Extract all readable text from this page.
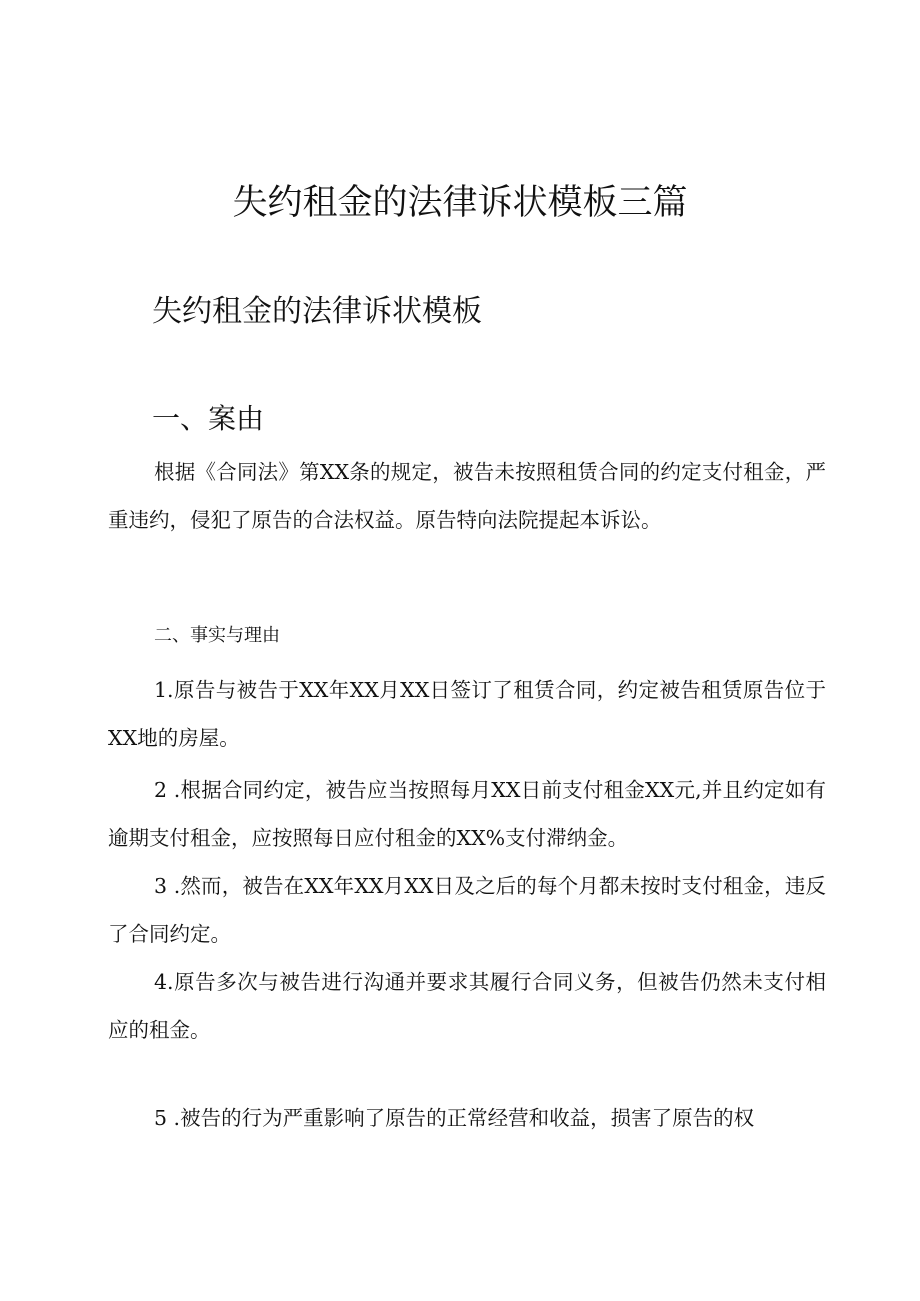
失约租金的法律诉状模板三篇
失约租金的法律诉状模板
一、案由

根据《合同法》第XX条的规定，被告未按照租赁合同的约定支付租金，严重违约，侵犯了原告的合法权益。原告特向法院提起本诉讼。

二、事实与理由

1.原告与被告于XX年XX月XX日签订了租赁合同，约定被告租赁原告位于XX地的房屋。

2 .根据合同约定，被告应当按照每月XX日前支付租金XX元,并且约定如有逾期支付租金，应按照每日应付租金的XX%支付滞纳金。

3 .然而，被告在XX年XX月XX日及之后的每个月都未按时支付租金，违反了合同约定。

4.原告多次与被告进行沟通并要求其履行合同义务，但被告仍然未支付相应的租金。

5 .被告的行为严重影响了原告的正常经营和收益，损害了原告的权
